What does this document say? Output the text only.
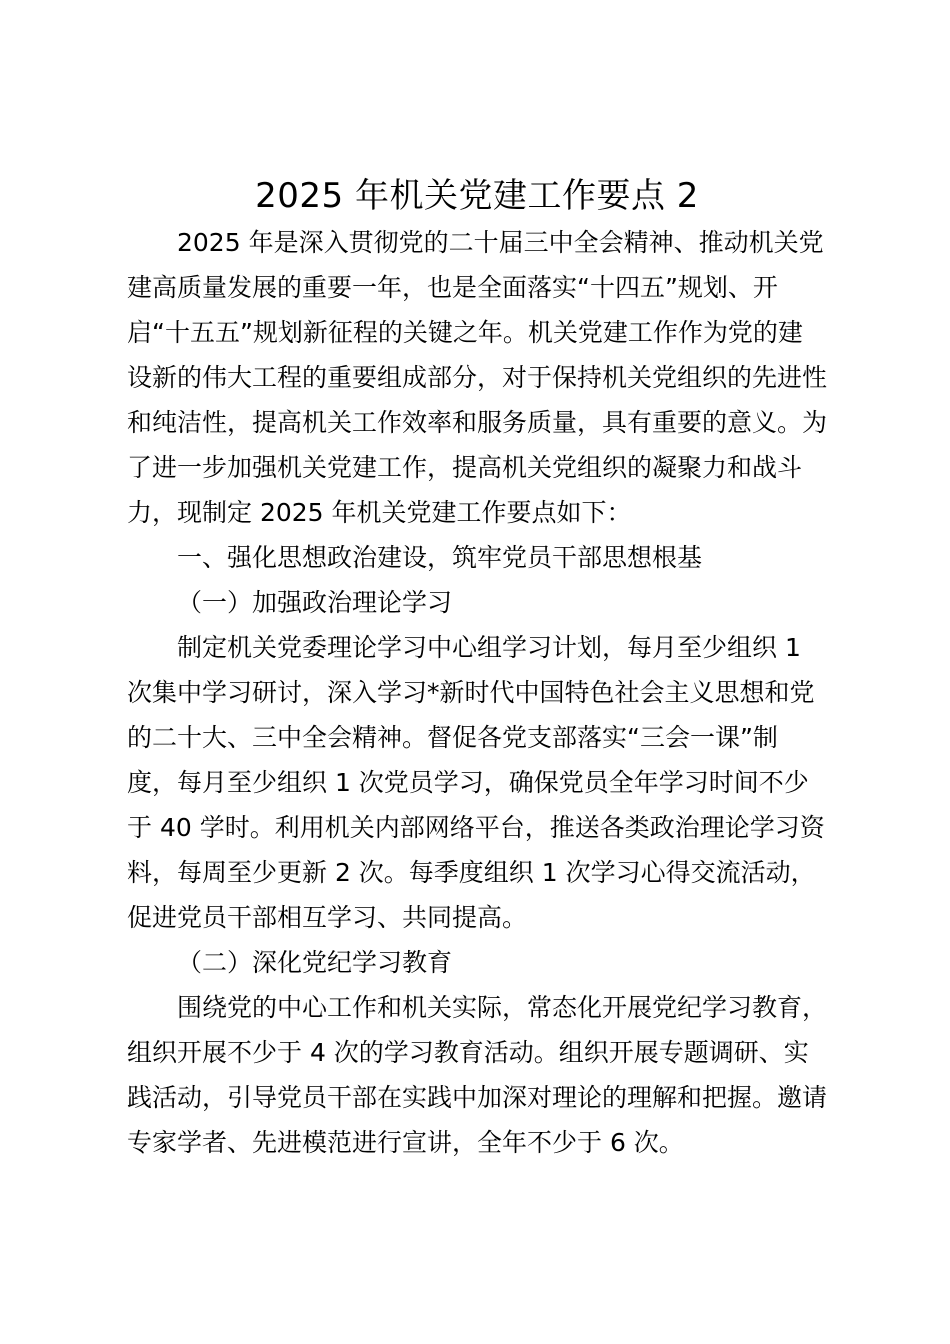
2025 年机关党建工作要点 2

2025 年是深入贯彻党的二十届三中全会精神、推动机关党建高质量发展的重要一年，也是全面落实“十四五”规划、开启“十五五”规划新征程的关键之年。机关党建工作作为党的建设新的伟大工程的重要组成部分，对于保持机关党组织的先进性和纯洁性，提高机关工作效率和服务质量，具有重要的意义。为了进一步加强机关党建工作，提高机关党组织的凝聚力和战斗力，现制定 2025 年机关党建工作要点如下：

一、强化思想政治建设，筑牢党员干部思想根基

（一）加强政治理论学习

制定机关党委理论学习中心组学习计划，每月至少组织 1 次集中学习研讨，深入学习*新时代中国特色社会主义思想和党的二十大、三中全会精神。督促各党支部落实“三会一课”制度，每月至少组织 1 次党员学习，确保党员全年学习时间不少于 40 学时。利用机关内部网络平台，推送各类政治理论学习资料，每周至少更新 2 次。每季度组织 1 次学习心得交流活动，促进党员干部相互学习、共同提高。

（二）深化党纪学习教育

围绕党的中心工作和机关实际，常态化开展党纪学习教育，组织开展不少于 4 次的学习教育活动。组织开展专题调研、实践活动，引导党员干部在实践中加深对理论的理解和把握。邀请专家学者、先进模范进行宣讲，全年不少于 6 次。
